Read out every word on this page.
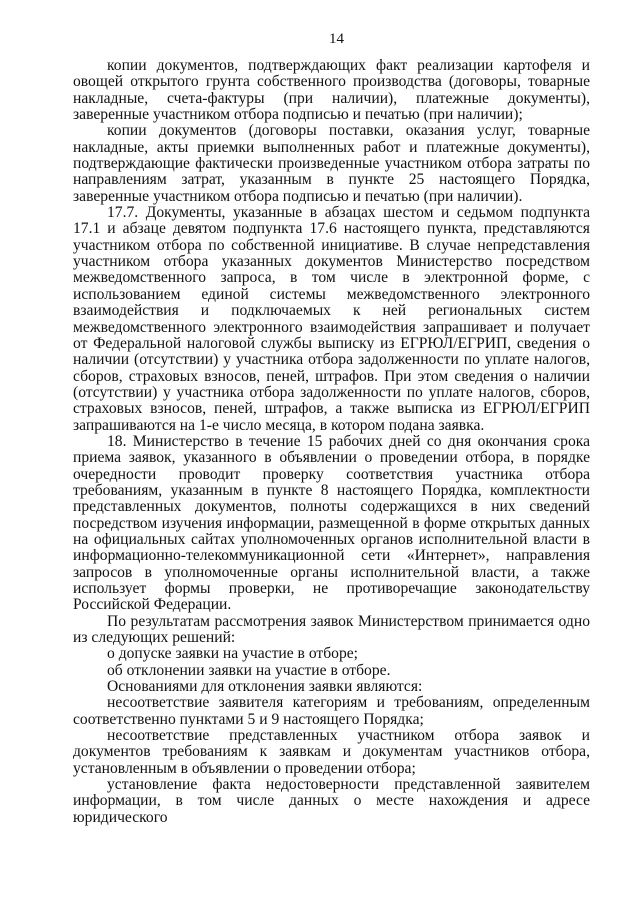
14

копии документов, подтверждающих факт реализации картофеля и овощей открытого грунта собственного производства (договоры, товарные накладные, счета-фактуры (при наличии), платежные документы), заверенные участником отбора подписью и печатью (при наличии);

копии документов (договоры поставки, оказания услуг, товарные накладные, акты приемки выполненных работ и платежные документы), подтверждающие фактически произведенные участником отбора затраты по направлениям затрат, указанным в пункте 25 настоящего Порядка, заверенные участником отбора подписью и печатью (при наличии).

17.7. Документы, указанные в абзацах шестом и седьмом подпункта 17.1 и абзаце девятом подпункта 17.6 настоящего пункта, представляются участником отбора по собственной инициативе. В случае непредставления участником отбора указанных документов Министерство посредством межведомственного запроса, в том числе в электронной форме, с использованием единой системы межведомственного электронного взаимодействия и подключаемых к ней региональных систем межведомственного электронного взаимодействия запрашивает и получает от Федеральной налоговой службы выписку из ЕГРЮЛ/ЕГРИП, сведения о наличии (отсутствии) у участника отбора задолженности по уплате налогов, сборов, страховых взносов, пеней, штрафов. При этом сведения о наличии (отсутствии) у участника отбора задолженности по уплате налогов, сборов, страховых взносов, пеней, штрафов, а также выписка из ЕГРЮЛ/ЕГРИП запрашиваются на 1-е число месяца, в котором подана заявка.

18. Министерство в течение 15 рабочих дней со дня окончания срока приема заявок, указанного в объявлении о проведении отбора, в порядке очередности проводит проверку соответствия участника отбора требованиям, указанным в пункте 8 настоящего Порядка, комплектности представленных документов, полноты содержащихся в них сведений посредством изучения информации, размещенной в форме открытых данных на официальных сайтах уполномоченных органов исполнительной власти в информационно-телекоммуникационной сети «Интернет», направления запросов в уполномоченные органы исполнительной власти, а также использует формы проверки, не противоречащие законодательству Российской Федерации.

По результатам рассмотрения заявок Министерством принимается одно из следующих решений:

о допуске заявки на участие в отборе;

об отклонении заявки на участие в отборе.

Основаниями для отклонения заявки являются:

несоответствие заявителя категориям и требованиям, определенным соответственно пунктами 5 и 9 настоящего Порядка;

несоответствие представленных участником отбора заявок и документов требованиям к заявкам и документам участников отбора, установленным в объявлении о проведении отбора;

установление факта недостоверности представленной заявителем информации, в том числе данных о месте нахождения и адресе юридического
